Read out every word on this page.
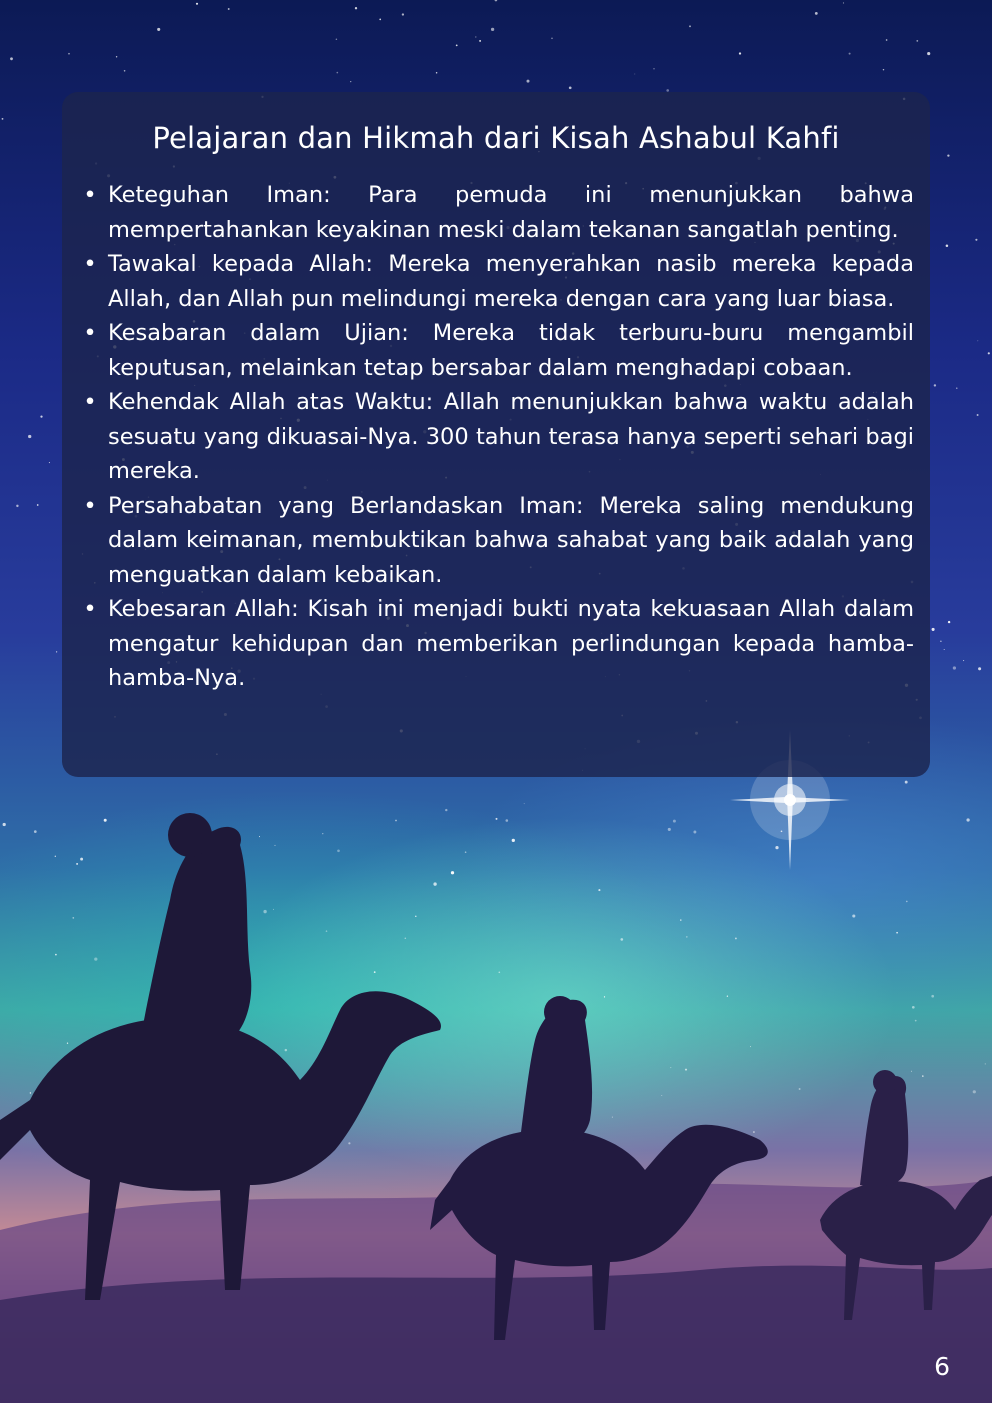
Pelajaran dan Hikmah dari Kisah Ashabul Kahfi
• Keteguhan Iman: Para pemuda ini menunjukkan bahwa mempertahankan keyakinan meski dalam tekanan sangatlah penting.
• Tawakal kepada Allah: Mereka menyerahkan nasib mereka kepada Allah, dan Allah pun melindungi mereka dengan cara yang luar biasa.
• Kesabaran dalam Ujian: Mereka tidak terburu-buru mengambil keputusan, melainkan tetap bersabar dalam menghadapi cobaan.
• Kehendak Allah atas Waktu: Allah menunjukkan bahwa waktu adalah sesuatu yang dikuasai-Nya. 300 tahun terasa hanya seperti sehari bagi mereka.
• Persahabatan yang Berlandaskan Iman: Mereka saling mendukung dalam keimanan, membuktikan bahwa sahabat yang baik adalah yang menguatkan dalam kebaikan.
• Kebesaran Allah: Kisah ini menjadi bukti nyata kekuasaan Allah dalam mengatur kehidupan dan memberikan perlindungan kepada hamba-hamba-Nya.
6
